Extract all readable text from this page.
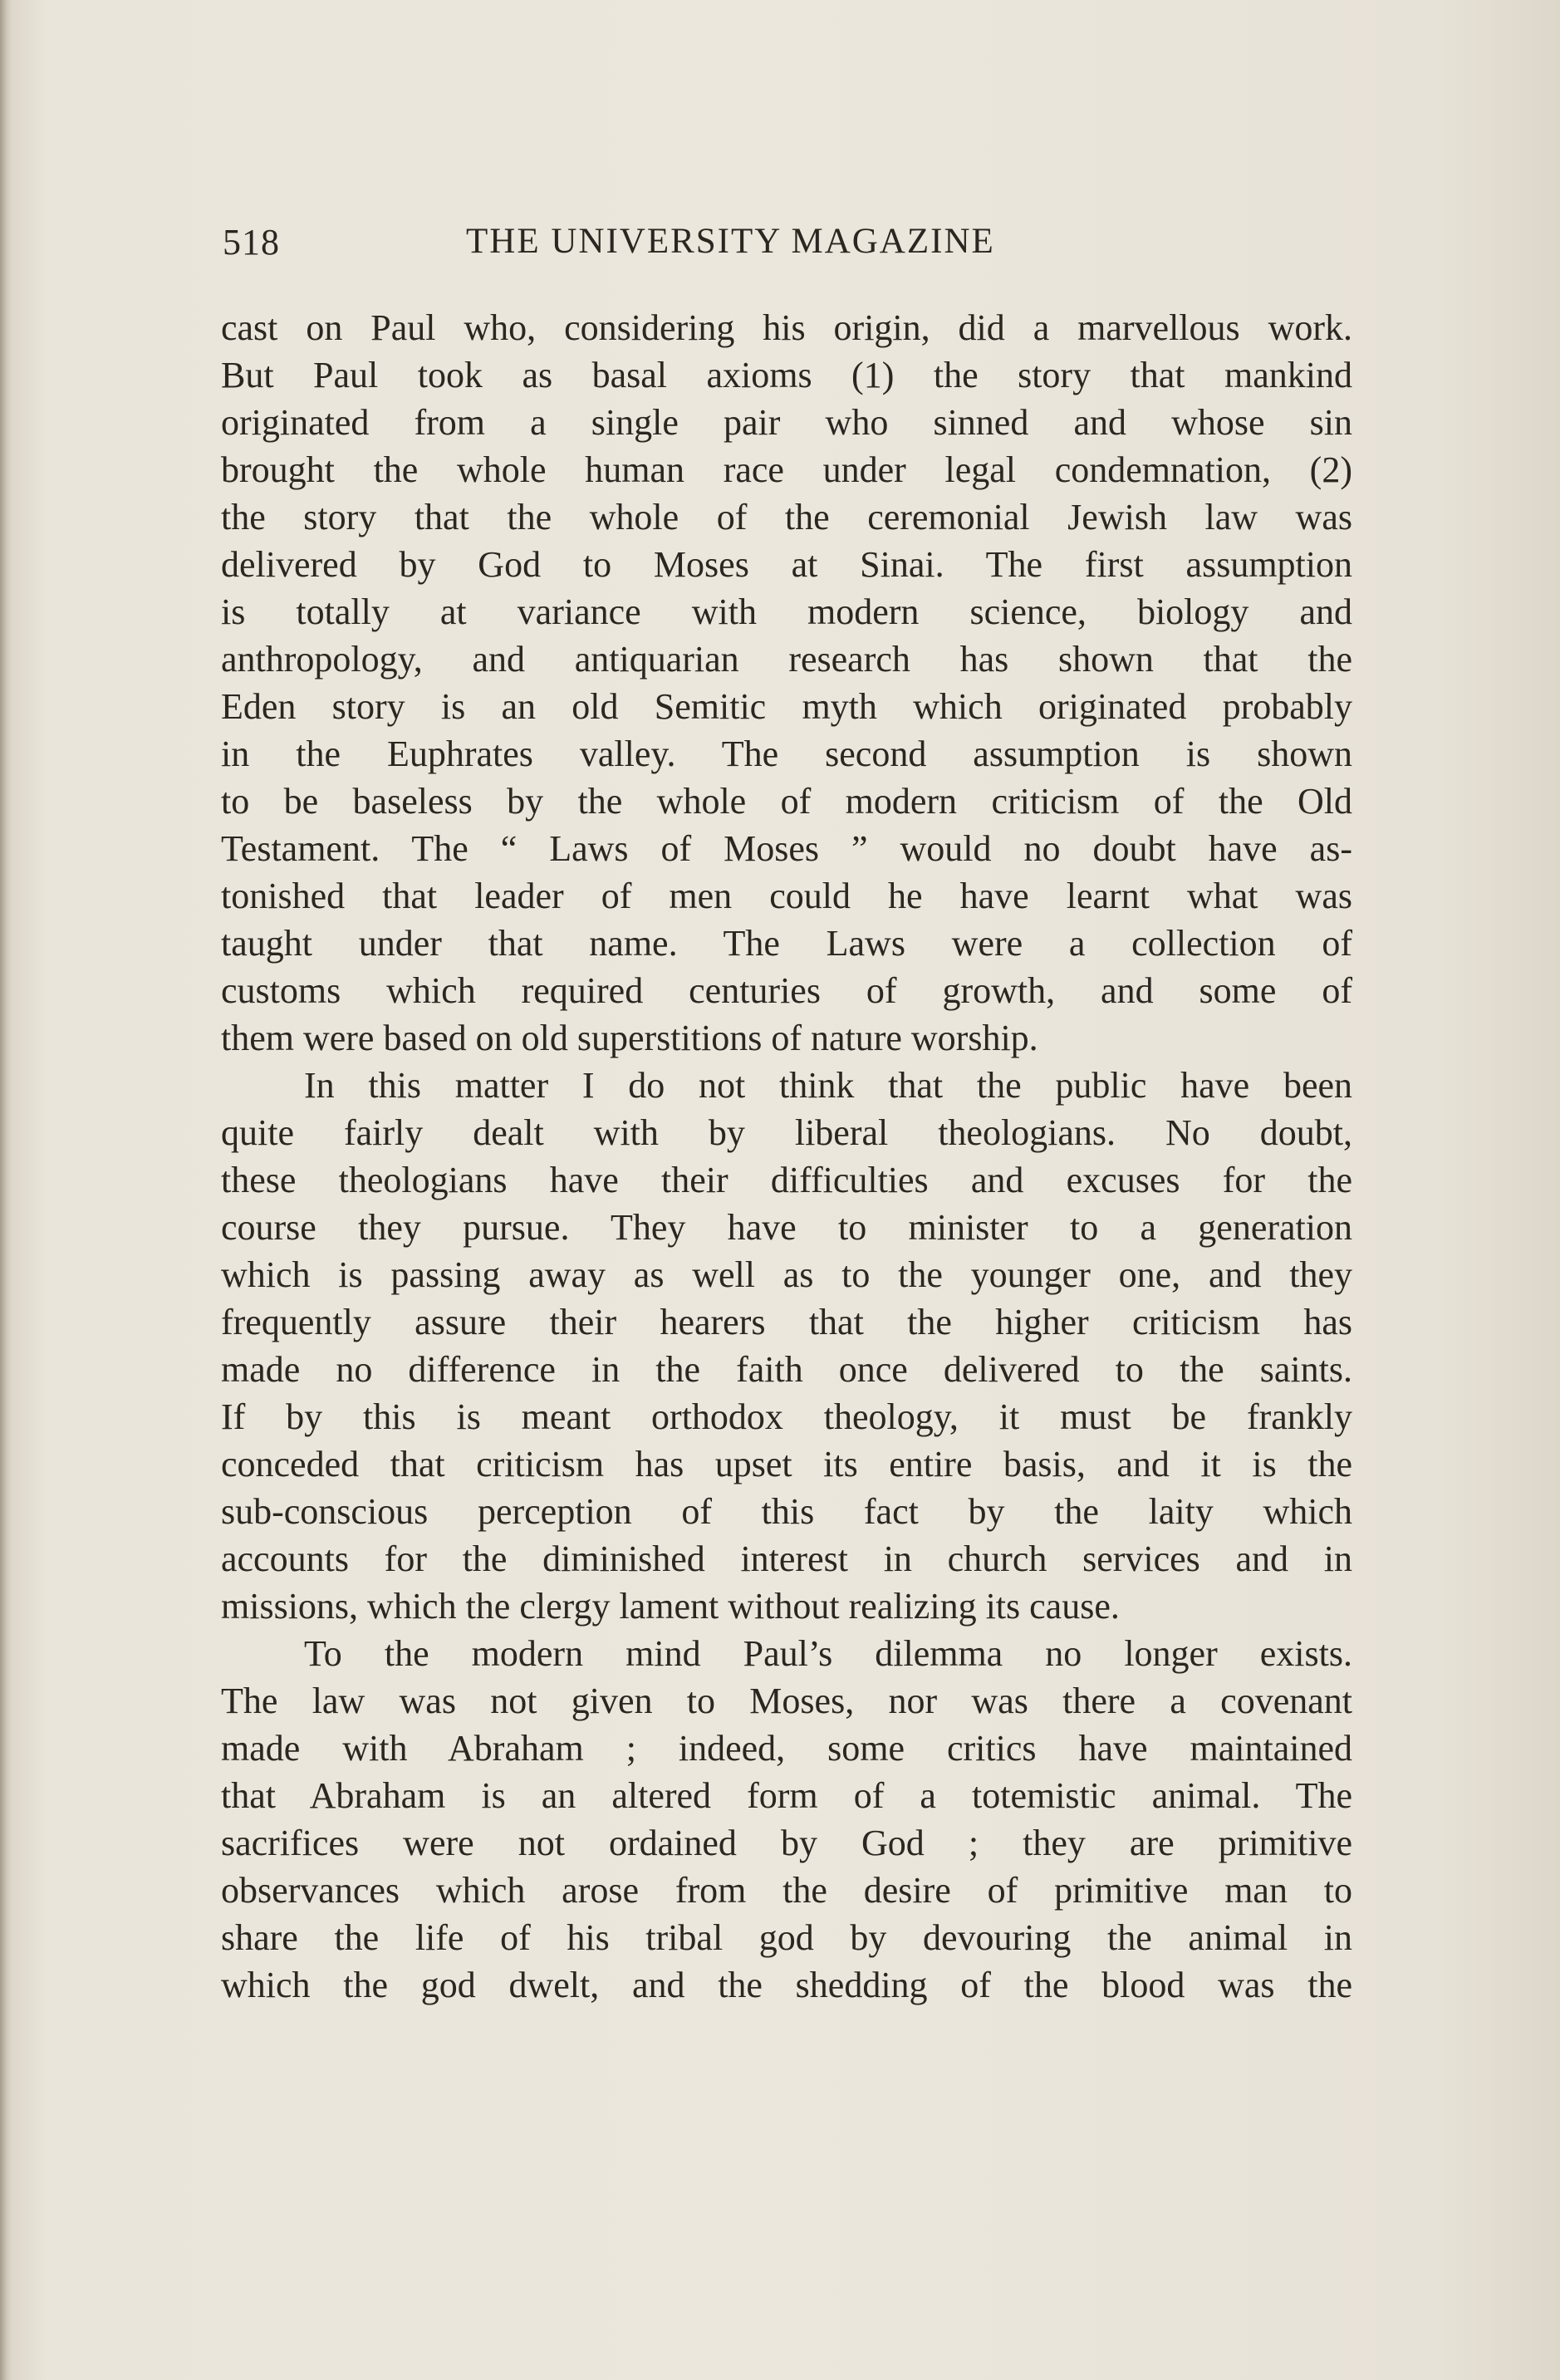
518	THE UNIVERSITY MAGAZINE
cast on Paul who, considering his origin, did a marvellous work.
But Paul took as basal axioms (1) the story that mankind
originated from a single pair who sinned and whose sin
brought the whole human race under legal condemnation, (2)
the story that the whole of the ceremonial Jewish law was
delivered by God to Moses at Sinai. The first assumption
is totally at variance with modern science, biology and
anthropology, and antiquarian research has shown that the
Eden story is an old Semitic myth which originated probably
in the Euphrates valley. The second assumption is shown
to be baseless by the whole of modern criticism of the Old
Testament. The “ Laws of Moses ” would no doubt have as-
tonished that leader of men could he have learnt what was
taught under that name. The Laws were a collection of
customs which required centuries of growth, and some of
them were based on old superstitions of nature worship.
In this matter I do not think that the public have been
quite fairly dealt with by liberal theologians. No doubt,
these theologians have their difficulties and excuses for the
course they pursue. They have to minister to a generation
which is passing away as well as to the younger one, and they
frequently assure their hearers that the higher criticism has
made no difference in the faith once delivered to the saints.
If by this is meant orthodox theology, it must be frankly
conceded that criticism has upset its entire basis, and it is the
sub-conscious perception of this fact by the laity which
accounts for the diminished interest in church services and in
missions, which the clergy lament without realizing its cause.
To the modern mind Paul’s dilemma no longer exists.
The law was not given to Moses, nor was there a covenant
made with Abraham ; indeed, some critics have maintained
that Abraham is an altered form of a totemistic animal. The
sacrifices were not ordained by God ; they are primitive
observances which arose from the desire of primitive man to
share the life of his tribal god by devouring the animal in
which the god dwelt, and the shedding of the blood was the
